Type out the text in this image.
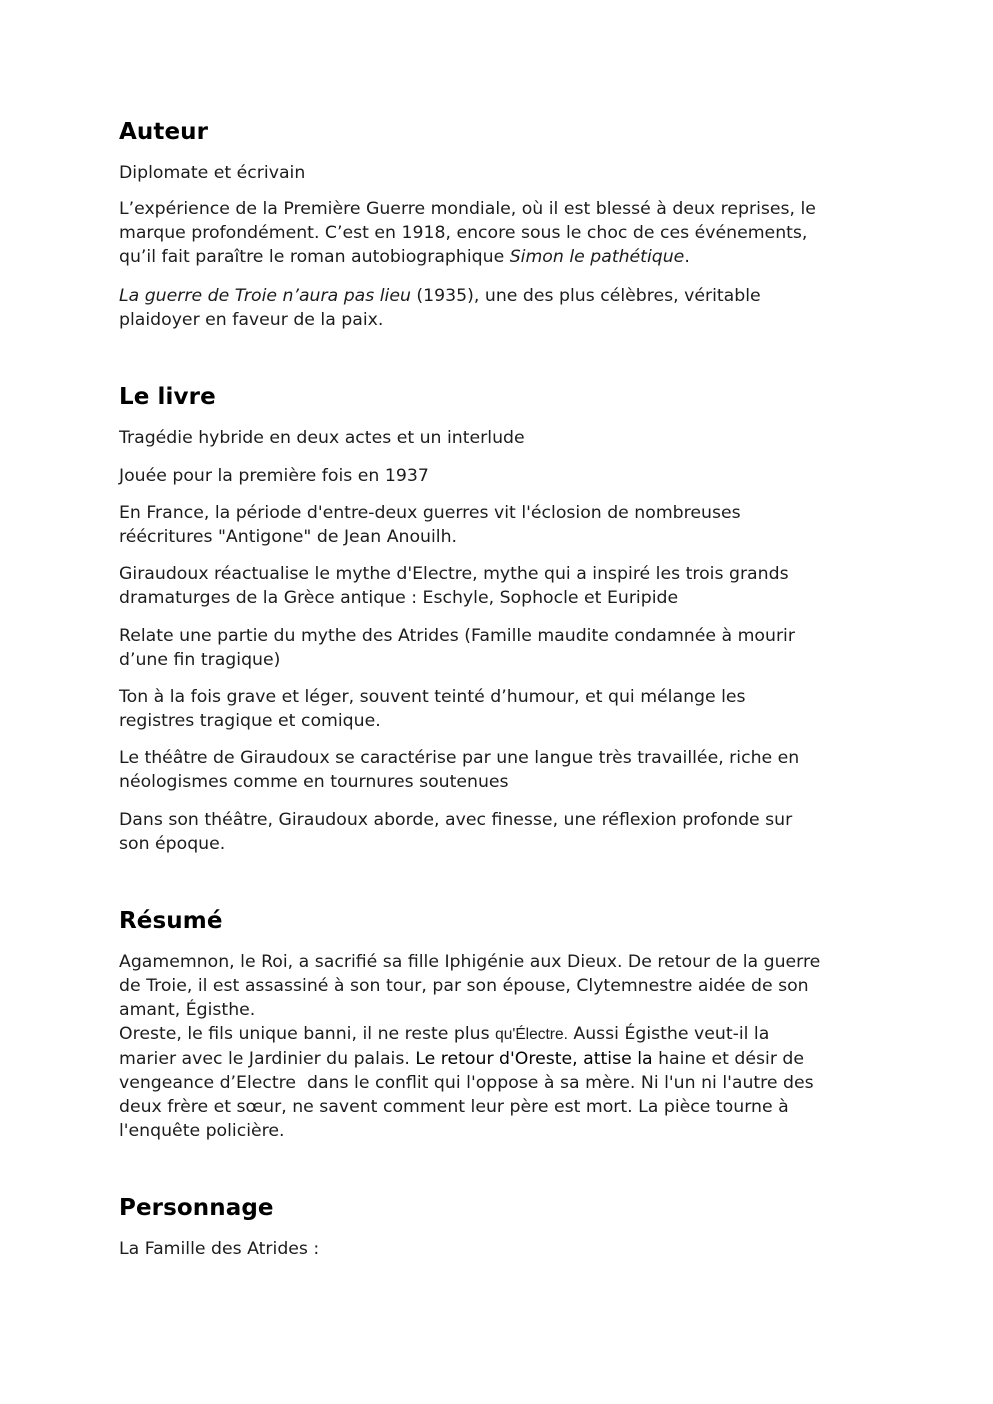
Auteur

Diplomate et écrivain

L’expérience de la Première Guerre mondiale, où il est blessé à deux reprises, le
marque profondément. C’est en 1918, encore sous le choc de ces événements,
qu’il fait paraître le roman autobiographique Simon le pathétique.

La guerre de Troie n’aura pas lieu (1935), une des plus célèbres, véritable
plaidoyer en faveur de la paix.

Le livre

Tragédie hybride en deux actes et un interlude

Jouée pour la première fois en 1937

En France, la période d'entre-deux guerres vit l'éclosion de nombreuses
réécritures "Antigone" de Jean Anouilh.

Giraudoux réactualise le mythe d'Electre, mythe qui a inspiré les trois grands
dramaturges de la Grèce antique : Eschyle, Sophocle et Euripide

Relate une partie du mythe des Atrides (Famille maudite condamnée à mourir
d’une fin tragique)

Ton à la fois grave et léger, souvent teinté d’humour, et qui mélange les
registres tragique et comique.

Le théâtre de Giraudoux se caractérise par une langue très travaillée, riche en
néologismes comme en tournures soutenues

Dans son théâtre, Giraudoux aborde, avec finesse, une réflexion profonde sur
son époque.

Résumé

Agamemnon, le Roi, a sacrifié sa fille Iphigénie aux Dieux. De retour de la guerre
de Troie, il est assassiné à son tour, par son épouse, Clytemnestre aidée de son
amant, Égisthe.
Oreste, le fils unique banni, il ne reste plus qu'Électre. Aussi Égisthe veut-il la
marier avec le Jardinier du palais. Le retour d'Oreste, attise la haine et désir de
vengeance d’Electre  dans le conflit qui l'oppose à sa mère. Ni l'un ni l'autre des
deux frère et sœur, ne savent comment leur père est mort. La pièce tourne à
l'enquête policière.

Personnage

La Famille des Atrides :
